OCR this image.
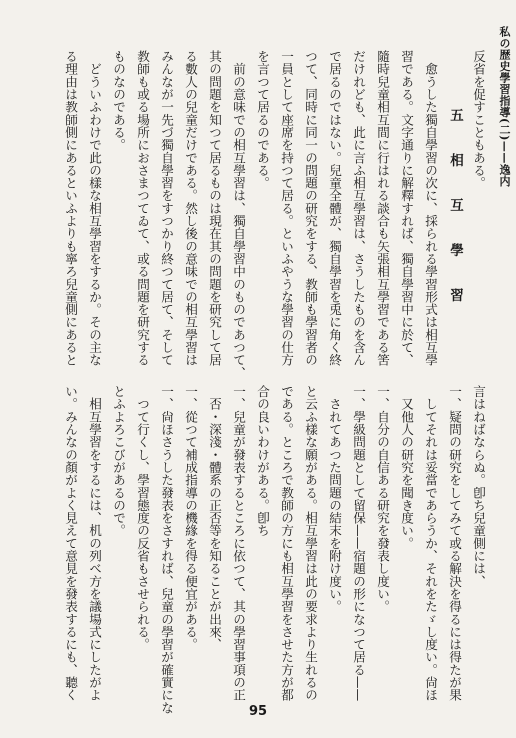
私の歴史學習指導(二)——逸内
反省を促すこともある。
五　相　互　學　習
　愈うした獨自學習の次に、採られる學習形式は相互學
習である。文字通りに解釋すれば、獨自學習中に於て、
隨時兒童相互間に行はれる談合も矢張相互學習である筈
だけれども、此に言ふ相互學習は、さうしたものを含ん
で居るのではない。兒童全體が、獨自學習を兎に角く終
つて、同時に同一の問題の研究をする、教師も學習者の
一員として座席を持つて居る。といふやうな學習の仕方
を言つて居るのである。
　前の意味での相互學習は、獨自學習中のものであつて、
其の問題を知つて居るものは現在其の問題を研究して居
る數人の兒童だけである。然し後の意味での相互學習は
みんなが一先づ獨自學習をすつかり終つて居て、そして
教師も或る場所におさまつてゐて、或る問題を研究する
ものなのである。
　どういふわけで此の樣な相互學習をするか。その主な
る理由は教師側にあるといふよりも寧ろ兒童側にあると
言はねばならぬ。卽ち兒童側には、
一、疑問の研究をしてみて或る解決を得るには得たが果
　してそれは妥當であらうか、それをたゞし度い。尙ほ
　又他人の研究を聞き度い。
一、自分の自信ある研究を發表し度い。
一、學級問題として留保——宿題の形になつて居る——
　されてあつた問題の結末を附け度い。
と云ふ樣な願がある。相互學習は此の要求より生れるの
である。ところで教師の方にも相互學習をさせた方が都
合の良いわけがある。卽ち
一、兒童が發表するところに依つて、其の學習事項の正
　否・深淺・體系の正否等を知ることが出來、
一、從つて補成指導の機緣を得る便宜がある。
一、尙ほさうした發表をさすれば、兒童の學習が確實にな
　つて行くし、學習態度の反省もさせられる。
とふよろこびがあるので。
　相互學習をするには、机の列べ方を議場式にしたがよ
い。みんなの顏がよく見えて意見を發表するにも、聽く
95
